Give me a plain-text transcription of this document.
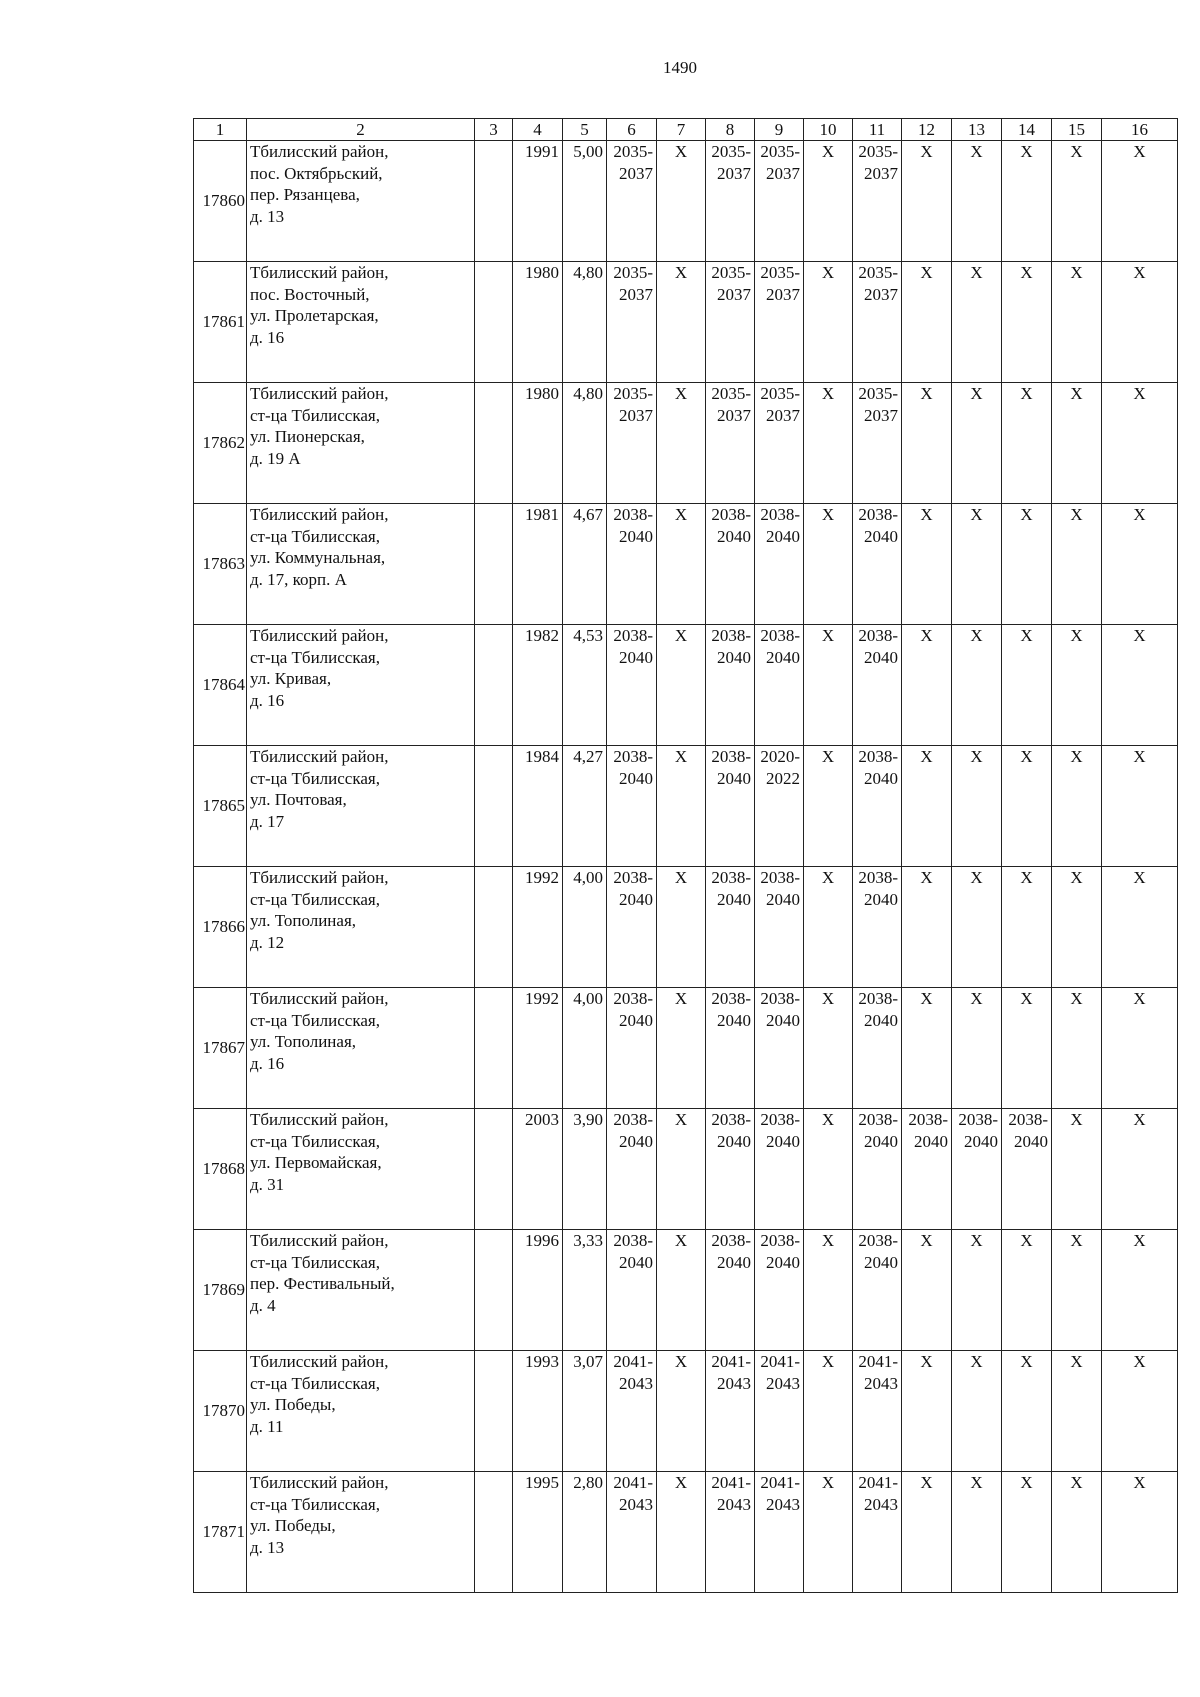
1490
1	2	3	4	5	6	7	8	9	10	11	12	13	14	15	16
17860	Тбилисский район,
пос. Октябрьский,
пер. Рязанцева,
д. 13		1991	5,00	2035-
2037	X	2035-
2037	2035-
2037	X	2035-
2037	X	X	X	X	X
17861	Тбилисский район,
пос. Восточный,
ул. Пролетарская,
д. 16		1980	4,80	2035-
2037	X	2035-
2037	2035-
2037	X	2035-
2037	X	X	X	X	X
17862	Тбилисский район,
ст-ца Тбилисская,
ул. Пионерская,
д. 19 А		1980	4,80	2035-
2037	X	2035-
2037	2035-
2037	X	2035-
2037	X	X	X	X	X
17863	Тбилисский район,
ст-ца Тбилисская,
ул. Коммунальная,
д. 17, корп. А		1981	4,67	2038-
2040	X	2038-
2040	2038-
2040	X	2038-
2040	X	X	X	X	X
17864	Тбилисский район,
ст-ца Тбилисская,
ул. Кривая,
д. 16		1982	4,53	2038-
2040	X	2038-
2040	2038-
2040	X	2038-
2040	X	X	X	X	X
17865	Тбилисский район,
ст-ца Тбилисская,
ул. Почтовая,
д. 17		1984	4,27	2038-
2040	X	2038-
2040	2020-
2022	X	2038-
2040	X	X	X	X	X
17866	Тбилисский район,
ст-ца Тбилисская,
ул. Тополиная,
д. 12		1992	4,00	2038-
2040	X	2038-
2040	2038-
2040	X	2038-
2040	X	X	X	X	X
17867	Тбилисский район,
ст-ца Тбилисская,
ул. Тополиная,
д. 16		1992	4,00	2038-
2040	X	2038-
2040	2038-
2040	X	2038-
2040	X	X	X	X	X
17868	Тбилисский район,
ст-ца Тбилисская,
ул. Первомайская,
д. 31		2003	3,90	2038-
2040	X	2038-
2040	2038-
2040	X	2038-
2040	2038-
2040	2038-
2040	2038-
2040	X	X
17869	Тбилисский район,
ст-ца Тбилисская,
пер. Фестивальный,
д. 4		1996	3,33	2038-
2040	X	2038-
2040	2038-
2040	X	2038-
2040	X	X	X	X	X
17870	Тбилисский район,
ст-ца Тбилисская,
ул. Победы,
д. 11		1993	3,07	2041-
2043	X	2041-
2043	2041-
2043	X	2041-
2043	X	X	X	X	X
17871	Тбилисский район,
ст-ца Тбилисская,
ул. Победы,
д. 13		1995	2,80	2041-
2043	X	2041-
2043	2041-
2043	X	2041-
2043	X	X	X	X	X
